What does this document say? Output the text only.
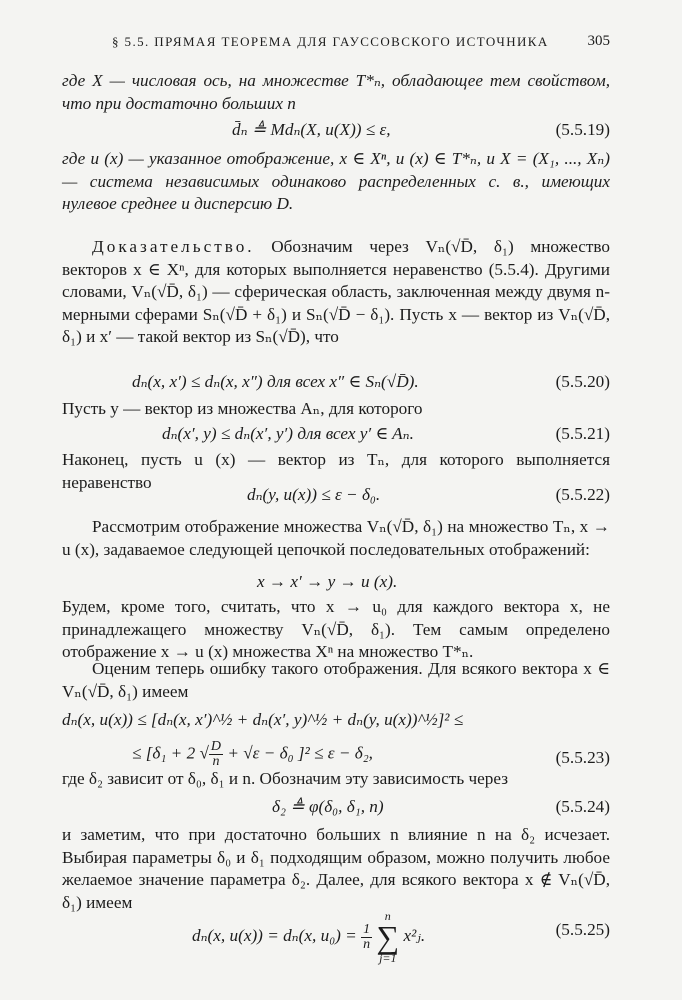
§ 5.5. ПРЯМАЯ ТЕОРЕМА ДЛЯ ГАУССОВСКОГО ИСТОЧНИКА	305

где X — числовая ось, на множестве T*ₙ, обладающее тем свойством, что при достаточно больших n

d̄ₙ ≜ Mdₙ(X, u(X)) ≤ ε,	(5.5.19)

где u (x) — указанное отображение, x ∈ Xⁿ, u (x) ∈ T*ₙ, и X = (X₁, ..., Xₙ) — система независимых одинаково распределенных с. в., имеющих нулевое среднее и дисперсию D.

Доказательство. Обозначим через Vₙ(√D̄, δ₁) множество векторов x ∈ Xⁿ, для которых выполняется неравенство (5.5.4). Другими словами, Vₙ(√D̄, δ₁) — сферическая область, заключенная между двумя n-мерными сферами Sₙ(√D̄ + δ₁) и Sₙ(√D̄ − δ₁). Пусть x — вектор из Vₙ(√D̄, δ₁) и x′ — такой вектор из Sₙ(√D̄), что

dₙ(x, x′) ≤ dₙ(x, x″) для всех x″ ∈ Sₙ(√D̄).	(5.5.20)

Пусть y — вектор из множества Aₙ, для которого

dₙ(x′, y) ≤ dₙ(x′, y′) для всех y′ ∈ Aₙ.	(5.5.21)

Наконец, пусть u (x) — вектор из Tₙ, для которого выполняется неравенство

dₙ(y, u(x)) ≤ ε − δ₀.	(5.5.22)

Рассмотрим отображение множества Vₙ(√D̄, δ₁) на множество Tₙ, x → u (x), задаваемое следующей цепочкой последовательных отображений:

x → x′ → y → u (x).

Будем, кроме того, считать, что x → u₀ для каждого вектора x, не принадлежащего множеству Vₙ(√D̄, δ₁). Тем самым определено отображение x → u (x) множества Xⁿ на множество T*ₙ.

Оценим теперь ошибку такого отображения. Для всякого вектора x ∈ Vₙ(√D̄, δ₁) имеем

dₙ(x, u(x)) ≤ [dₙ(x, x′)^½ + dₙ(x′, y)^½ + dₙ(y, u(x))^½]² ≤
≤ [δ₁ + 2 √ $\frac{D}{n} + √\varepsilon - \delta_0$ ]² ≤ ε − δ₂,	(5.5.23)

где δ₂ зависит от δ₀, δ₁ и n. Обозначим эту зависимость через

δ₂ ≜ φ(δ₀, δ₁, n)	(5.5.24)

и заметим, что при достаточно больших n влияние n на δ₂ исчезает. Выбирая параметры δ₀ и δ₁ подходящим образом, можно получить любое желаемое значение параметра δ₂. Далее, для всякого вектора x ∉ Vₙ(√D̄, δ₁) имеем

dₙ(x, u(x)) = dₙ(x, $u_0) = \frac{1}{n}$
n
∑
j=1 x²ⱼ.	(5.5.25)
